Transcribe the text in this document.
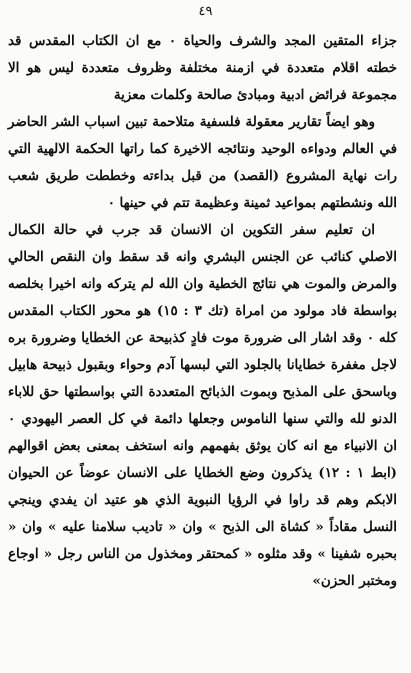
٤٩

جزاء المتقين المجد والشرف والحياة ٠ مع ان الكتاب المقدس قد خطته اقلام متعددة في ازمنة مختلفة وظروف متعددة ليس هو الا مجموعة فرائض ادبية ومبادئ صالحة وكلمات معزية

وهو ايضاً تقارير معقولة فلسفية متلاحمة تبين اسباب الشر الحاضر في العالم ودواءه الوحيد ونتائجه الاخيرة كما راتها الحكمة الالهية التي رات نهاية المشروع (القصد) من قبل بداءته وخططت طريق شعب الله ونشطتهم بمواعيد ثمينة وعظيمة تتم في حينها ٠

ان تعليم سفر التكوين ان الانسان قد جرب في حالة الكمال الاصلي كنائب عن الجنس البشري وانه قد سقط وان النقص الحالي والمرض والموت هي نتائج الخطية وان الله لم يتركه وانه اخيرا بخلصه بواسطة فاد مولود من امراة (تك ٣ : ١٥) هو محور الكتاب المقدس كله ٠ وقد اشار الى ضرورة موت فادٍ كذبيحة عن الخطايا وضرورة بره لاجل مغفرة خطايانا بالجلود التي لبسها آدم وحواء وبقبول ذبيحة هابيل وباسحق على المذبح وبموت الذبائح المتعددة التي بواسطتها حق للاباء الدنو لله والتي سنها الناموس وجعلها دائمة في كل العصر اليهودي ٠ ان الانبياء مع انه كان يوثق بفهمهم وانه استخف بمعنى بعض اقوالهم (ابط ١ : ١٢) يذكرون وضع الخطايا على الانسان عوضاً عن الحيوان الابكم وهم قد راوا في الرؤيا النبوية الذي هو عتيد ان يفدي وينجي النسل مقاداً « كشاة الى الذبح » وان « تاديب سلامنا عليه » وان « بحبره شفينا » وقد مثلوه « كمحتقر ومخذول من الناس رجل « اوجاع ومختبر الحزن»
